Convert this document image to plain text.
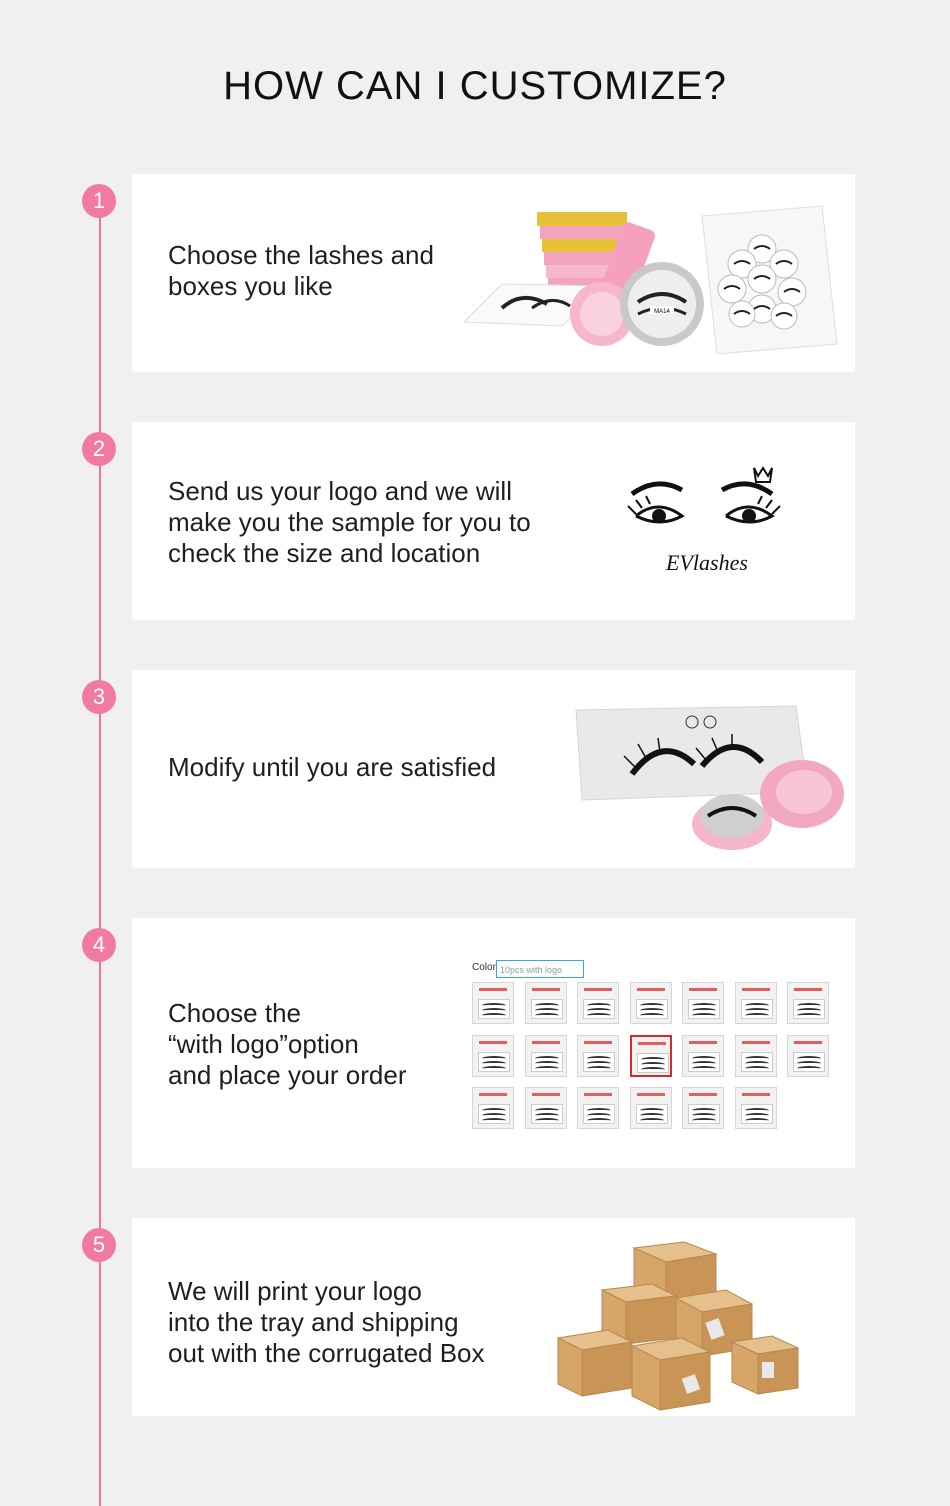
HOW CAN I CUSTOMIZE?
1
Choose the lashes and
boxes you like
MA14
2
Send us your logo and we will
make you the sample for you to
check the size and location	EVlashes
3
Modify until you are satisfied
4
Choose the
“with logo”option
and place your order
Color 10pcs with logo
5
We will print your logo
into the tray and shipping
out with the corrugated Box
